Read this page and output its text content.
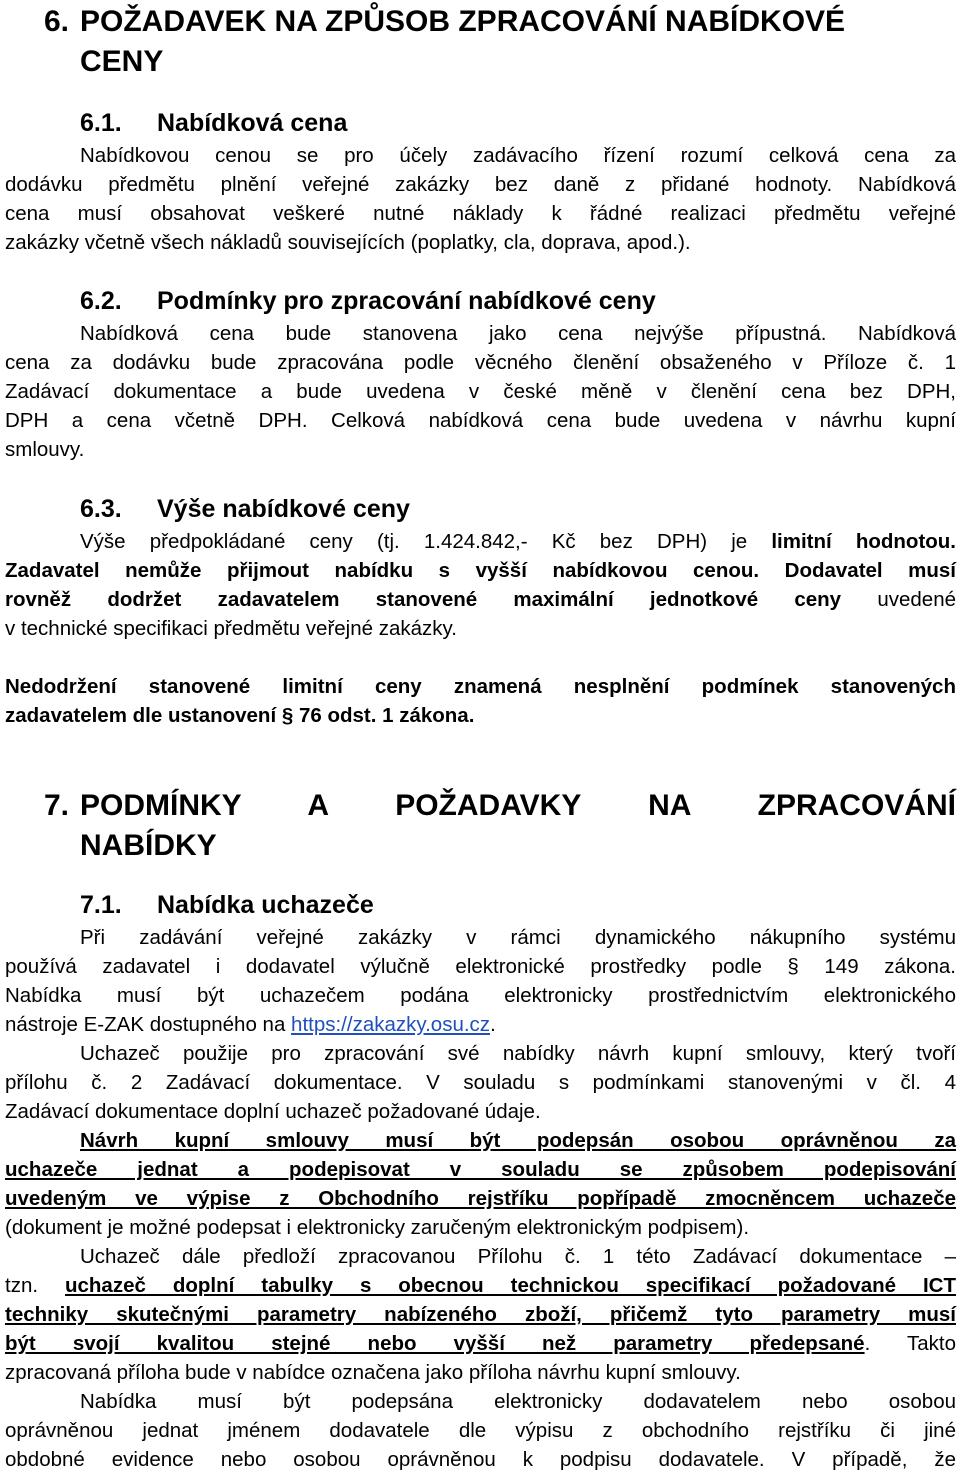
6. POŽADAVEK NA ZPŮSOB ZPRACOVÁNÍ NABÍDKOVÉ
CENY
6.1. Nabídková cena
Nabídkovou cenou se pro účely zadávacího řízení rozumí celková cena za
dodávku předmětu plnění veřejné zakázky bez daně z přidané hodnoty. Nabídková
cena musí obsahovat veškeré nutné náklady k řádné realizaci předmětu veřejné
zakázky včetně všech nákladů souvisejících (poplatky, cla, doprava, apod.).
6.2. Podmínky pro zpracování nabídkové ceny
Nabídková cena bude stanovena jako cena nejvýše přípustná. Nabídková
cena za dodávku bude zpracována podle věcného členění obsaženého v Příloze č. 1
Zadávací dokumentace a bude uvedena v české měně v členění cena bez DPH,
DPH a cena včetně DPH. Celková nabídková cena bude uvedena v návrhu kupní
smlouvy.
6.3. Výše nabídkové ceny
Výše předpokládané ceny (tj. 1.424.842,- Kč bez DPH) je limitní hodnotou.
Zadavatel nemůže přijmout nabídku s vyšší nabídkovou cenou. Dodavatel musí
rovněž dodržet zadavatelem stanovené maximální jednotkové ceny uvedené
v technické specifikaci předmětu veřejné zakázky.
Nedodržení stanovené limitní ceny znamená nesplnění podmínek stanovených
zadavatelem dle ustanovení § 76 odst. 1 zákona.
7. PODMÍNKY A POŽADAVKY NA ZPRACOVÁNÍ
NABÍDKY
7.1. Nabídka uchazeče
Při zadávání veřejné zakázky v rámci dynamického nákupního systému
používá zadavatel i dodavatel výlučně elektronické prostředky podle § 149 zákona.
Nabídka musí být uchazečem podána elektronicky prostřednictvím elektronického
nástroje E-ZAK dostupného na https://zakazky.osu.cz.
Uchazeč použije pro zpracování své nabídky návrh kupní smlouvy, který tvoří
přílohu č. 2 Zadávací dokumentace. V souladu s podmínkami stanovenými v čl. 4
Zadávací dokumentace doplní uchazeč požadované údaje.
Návrh kupní smlouvy musí být podepsán osobou oprávněnou za
uchazeče jednat a podepisovat v souladu se způsobem podepisování
uvedeným ve výpise z Obchodního rejstříku popřípadě zmocněncem uchazeče
(dokument je možné podepsat i elektronicky zaručeným elektronickým podpisem).
Uchazeč dále předloží zpracovanou Přílohu č. 1 této Zadávací dokumentace –
tzn. uchazeč doplní tabulky s obecnou technickou specifikací požadované ICT
techniky skutečnými parametry nabízeného zboží, přičemž tyto parametry musí
být svojí kvalitou stejné nebo vyšší než parametry předepsané. Takto
zpracovaná příloha bude v nabídce označena jako příloha návrhu kupní smlouvy.
Nabídka musí být podepsána elektronicky dodavatelem nebo osobou
oprávněnou jednat jménem dodavatele dle výpisu z obchodního rejstříku či jiné
obdobné evidence nebo osobou oprávněnou k podpisu dodavatele. V případě, že
